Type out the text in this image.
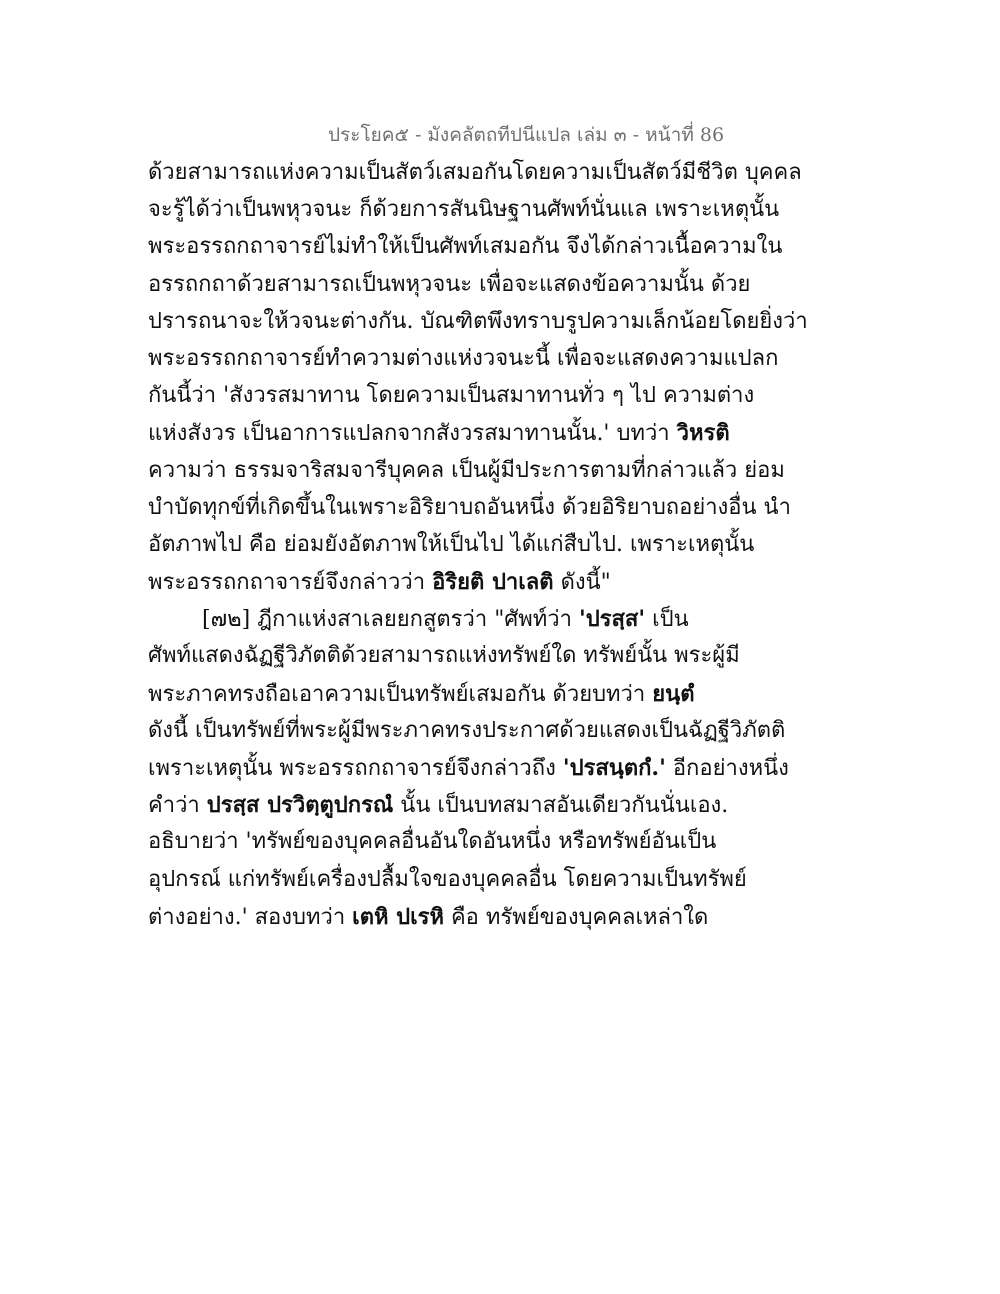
ประโยค๕ - มังคลัตถทีปนีแปล เล่ม ๓ - หน้าที่ 86
ด้วยสามารถแห่งความเป็นสัตว์เสมอกันโดยความเป็นสัตว์มีชีวิต บุคคล
จะรู้ได้ว่าเป็นพหุวจนะ ก็ด้วยการสันนิษฐานศัพท์นั่นแล เพราะเหตุนั้น
พระอรรถกถาจารย์ไม่ทำให้เป็นศัพท์เสมอกัน จึงได้กล่าวเนื้อความใน
อรรถกถาด้วยสามารถเป็นพหุวจนะ เพื่อจะแสดงข้อความนั้น ด้วย
ปรารถนาจะให้วจนะต่างกัน. บัณฑิตพึงทราบรูปความเล็กน้อยโดยยิ่งว่า
พระอรรถกถาจารย์ทำความต่างแห่งวจนะนี้ เพื่อจะแสดงความแปลก
กันนี้ว่า 'สังวรสมาทาน โดยความเป็นสมาทานทั่ว ๆ ไป ความต่าง
แห่งสังวร เป็นอาการแปลกจากสังวรสมาทานนั้น.' บทว่า วิหรติ
ความว่า ธรรมจาริสมจารีบุคคล เป็นผู้มีประการตามที่กล่าวแล้ว ย่อม
บำบัดทุกข์ที่เกิดขึ้นในเพราะอิริยาบถอันหนึ่ง ด้วยอิริยาบถอย่างอื่น นำ
อัตภาพไป คือ ย่อมยังอัตภาพให้เป็นไป ได้แก่สืบไป. เพราะเหตุนั้น
พระอรรถกถาจารย์จึงกล่าวว่า อิริยติ ปาเลติ ดังนี้"
[๗๒] ฎีกาแห่งสาเลยยกสูตรว่า "ศัพท์ว่า 'ปรสฺส' เป็น
ศัพท์แสดงฉัฏฐีวิภัตติด้วยสามารถแห่งทรัพย์ใด ทรัพย์นั้น พระผู้มี
พระภาคทรงถือเอาความเป็นทรัพย์เสมอกัน ด้วยบทว่า ยนฺตํ
ดังนี้ เป็นทรัพย์ที่พระผู้มีพระภาคทรงประกาศด้วยแสดงเป็นฉัฏฐีวิภัตติ
เพราะเหตุนั้น พระอรรถกถาจารย์จึงกล่าวถึง 'ปรสนฺตกํ.' อีกอย่างหนึ่ง
คำว่า ปรสฺส ปรวิตฺตูปกรณํ นั้น เป็นบทสมาสอันเดียวกันนั่นเอง.
อธิบายว่า 'ทรัพย์ของบุคคลอื่นอันใดอันหนึ่ง หรือทรัพย์อันเป็น
อุปกรณ์ แก่ทรัพย์เครื่องปลื้มใจของบุคคลอื่น โดยความเป็นทรัพย์
ต่างอย่าง.' สองบทว่า เตหิ ปเรหิ คือ ทรัพย์ของบุคคลเหล่าใด
